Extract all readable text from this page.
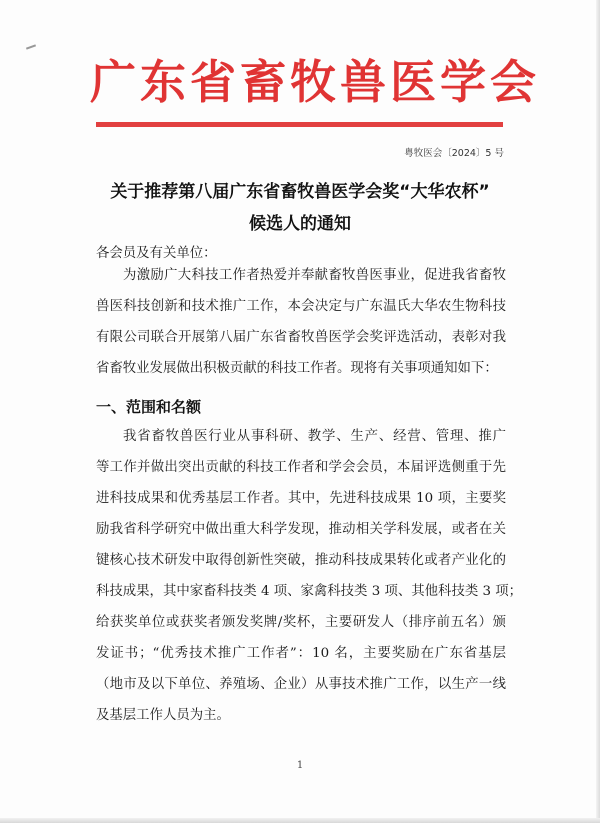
广东省畜牧兽医学会
粤牧医会〔2024〕5 号
关于推荐第八届广东省畜牧兽医学会奖“大华农杯”
候选人的通知
各会员及有关单位：
为激励广大科技工作者热爱并奉献畜牧兽医事业，促进我省畜牧
兽医科技创新和技术推广工作，本会决定与广东温氏大华农生物科技
有限公司联合开展第八届广东省畜牧兽医学会奖评选活动，表彰对我
省畜牧业发展做出积极贡献的科技工作者。现将有关事项通知如下：
一、范围和名额
我省畜牧兽医行业从事科研、教学、生产、经营、管理、推广
等工作并做出突出贡献的科技工作者和学会会员，本届评选侧重于先
进科技成果和优秀基层工作者。其中，先进科技成果 10 项，主要奖
励我省科学研究中做出重大科学发现，推动相关学科发展，或者在关
键核心技术研发中取得创新性突破，推动科技成果转化或者产业化的
科技成果，其中家畜科技类 4 项、家禽科技类 3 项、其他科技类 3 项；
给获奖单位或获奖者颁发奖牌/奖杯，主要研发人（排序前五名）颁
发证书；“优秀技术推广工作者”：10 名，主要奖励在广东省基层
（地市及以下单位、养殖场、企业）从事技术推广工作，以生产一线
及基层工作人员为主。
1
